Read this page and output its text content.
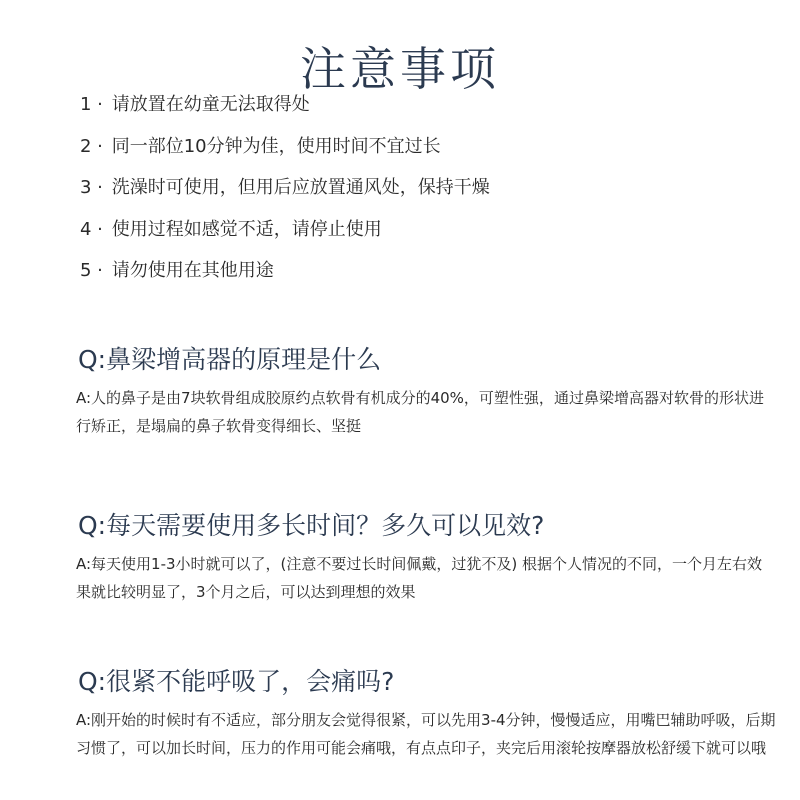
注意事项
1 · 请放置在幼童无法取得处
2 · 同一部位10分钟为佳，使用时间不宜过长
3 · 洗澡时可使用，但用后应放置通风处，保持干燥
4 · 使用过程如感觉不适，请停止使用
5 · 请勿使用在其他用途

Q:鼻梁增高器的原理是什么

A:人的鼻子是由7块软骨组成胶原约点软骨有机成分的40%，可塑性强，通过鼻梁增高器对软骨的形状进行矫正，是塌扁的鼻子软骨变得细长、坚挺

Q:每天需要使用多长时间？多久可以见效?

A:每天使用1-3小时就可以了，(注意不要过长时间佩戴，过犹不及) 根据个人情况的不同，一个月左右效果就比较明显了，3个月之后，可以达到理想的效果

Q:很紧不能呼吸了，会痛吗?

A:刚开始的时候时有不适应，部分朋友会觉得很紧，可以先用3-4分钟，慢慢适应，用嘴巴辅助呼吸，后期习惯了，可以加长时间，压力的作用可能会痛哦，有点点印子，夹完后用滚轮按摩器放松舒缓下就可以哦
